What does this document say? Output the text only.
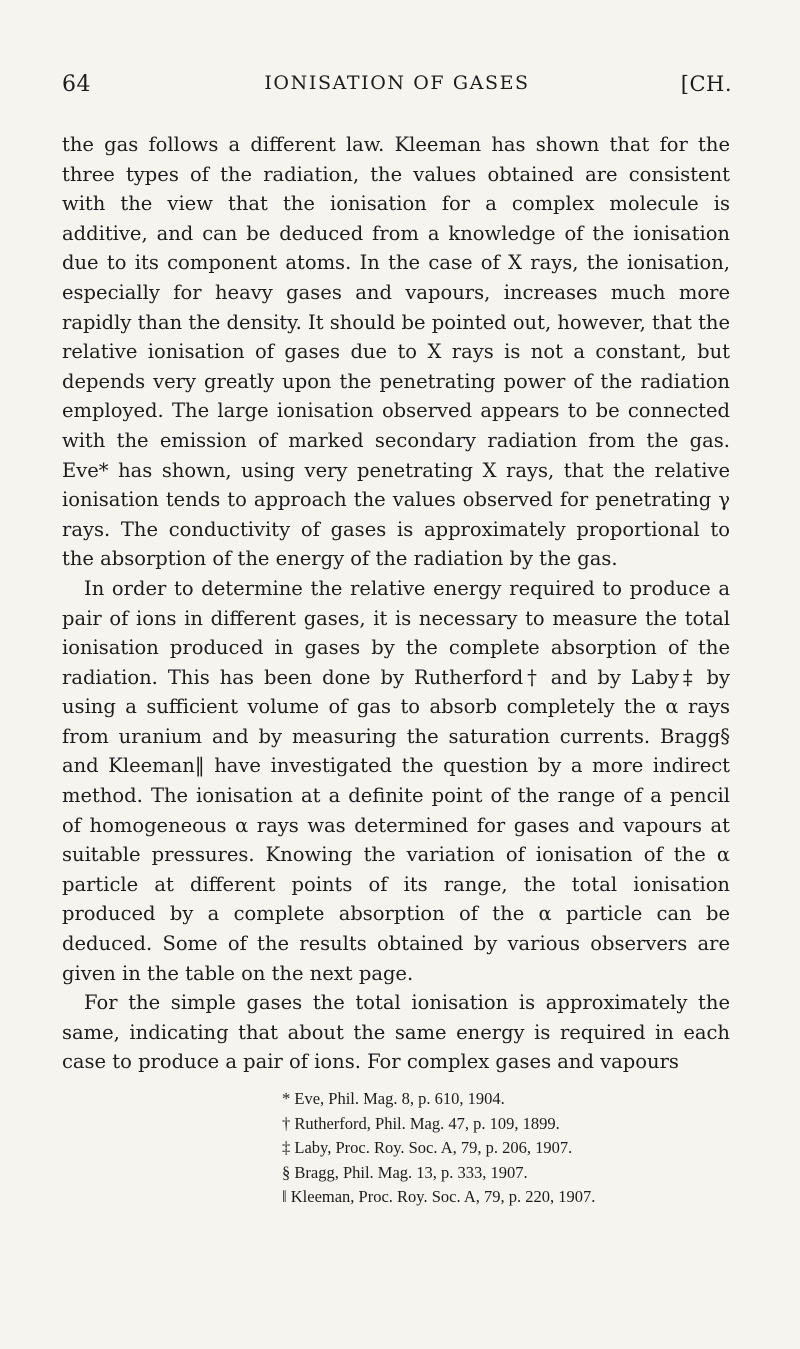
64	IONISATION OF GASES	[CH.

the gas follows a different law. Kleeman has shown that for the three types of the radiation, the values obtained are consistent with the view that the ionisation for a complex molecule is additive, and can be deduced from a knowledge of the ionisation due to its component atoms. In the case of X rays, the ionisation, especially for heavy gases and vapours, increases much more rapidly than the density. It should be pointed out, however, that the relative ionisation of gases due to X rays is not a constant, but depends very greatly upon the penetrating power of the radiation employed. The large ionisation observed appears to be connected with the emission of marked secondary radiation from the gas. Eve* has shown, using very penetrating X rays, that the relative ionisation tends to approach the values observed for penetrating γ rays. The conductivity of gases is approximately proportional to the absorption of the energy of the radiation by the gas.

In order to determine the relative energy required to produce a pair of ions in different gases, it is necessary to measure the total ionisation produced in gases by the complete absorption of the radiation. This has been done by Rutherford† and by Laby‡ by using a sufficient volume of gas to absorb completely the α rays from uranium and by measuring the saturation currents. Bragg§ and Kleeman‖ have investigated the question by a more indirect method. The ionisation at a definite point of the range of a pencil of homogeneous α rays was determined for gases and vapours at suitable pressures. Knowing the variation of ionisation of the α particle at different points of its range, the total ionisation produced by a complete absorption of the α particle can be deduced. Some of the results obtained by various observers are given in the table on the next page.

For the simple gases the total ionisation is approximately the same, indicating that about the same energy is required in each case to produce a pair of ions. For complex gases and vapours

* Eve, Phil. Mag. 8, p. 610, 1904.

† Rutherford, Phil. Mag. 47, p. 109, 1899.

‡ Laby, Proc. Roy. Soc. A, 79, p. 206, 1907.

§ Bragg, Phil. Mag. 13, p. 333, 1907.

‖ Kleeman, Proc. Roy. Soc. A, 79, p. 220, 1907.
